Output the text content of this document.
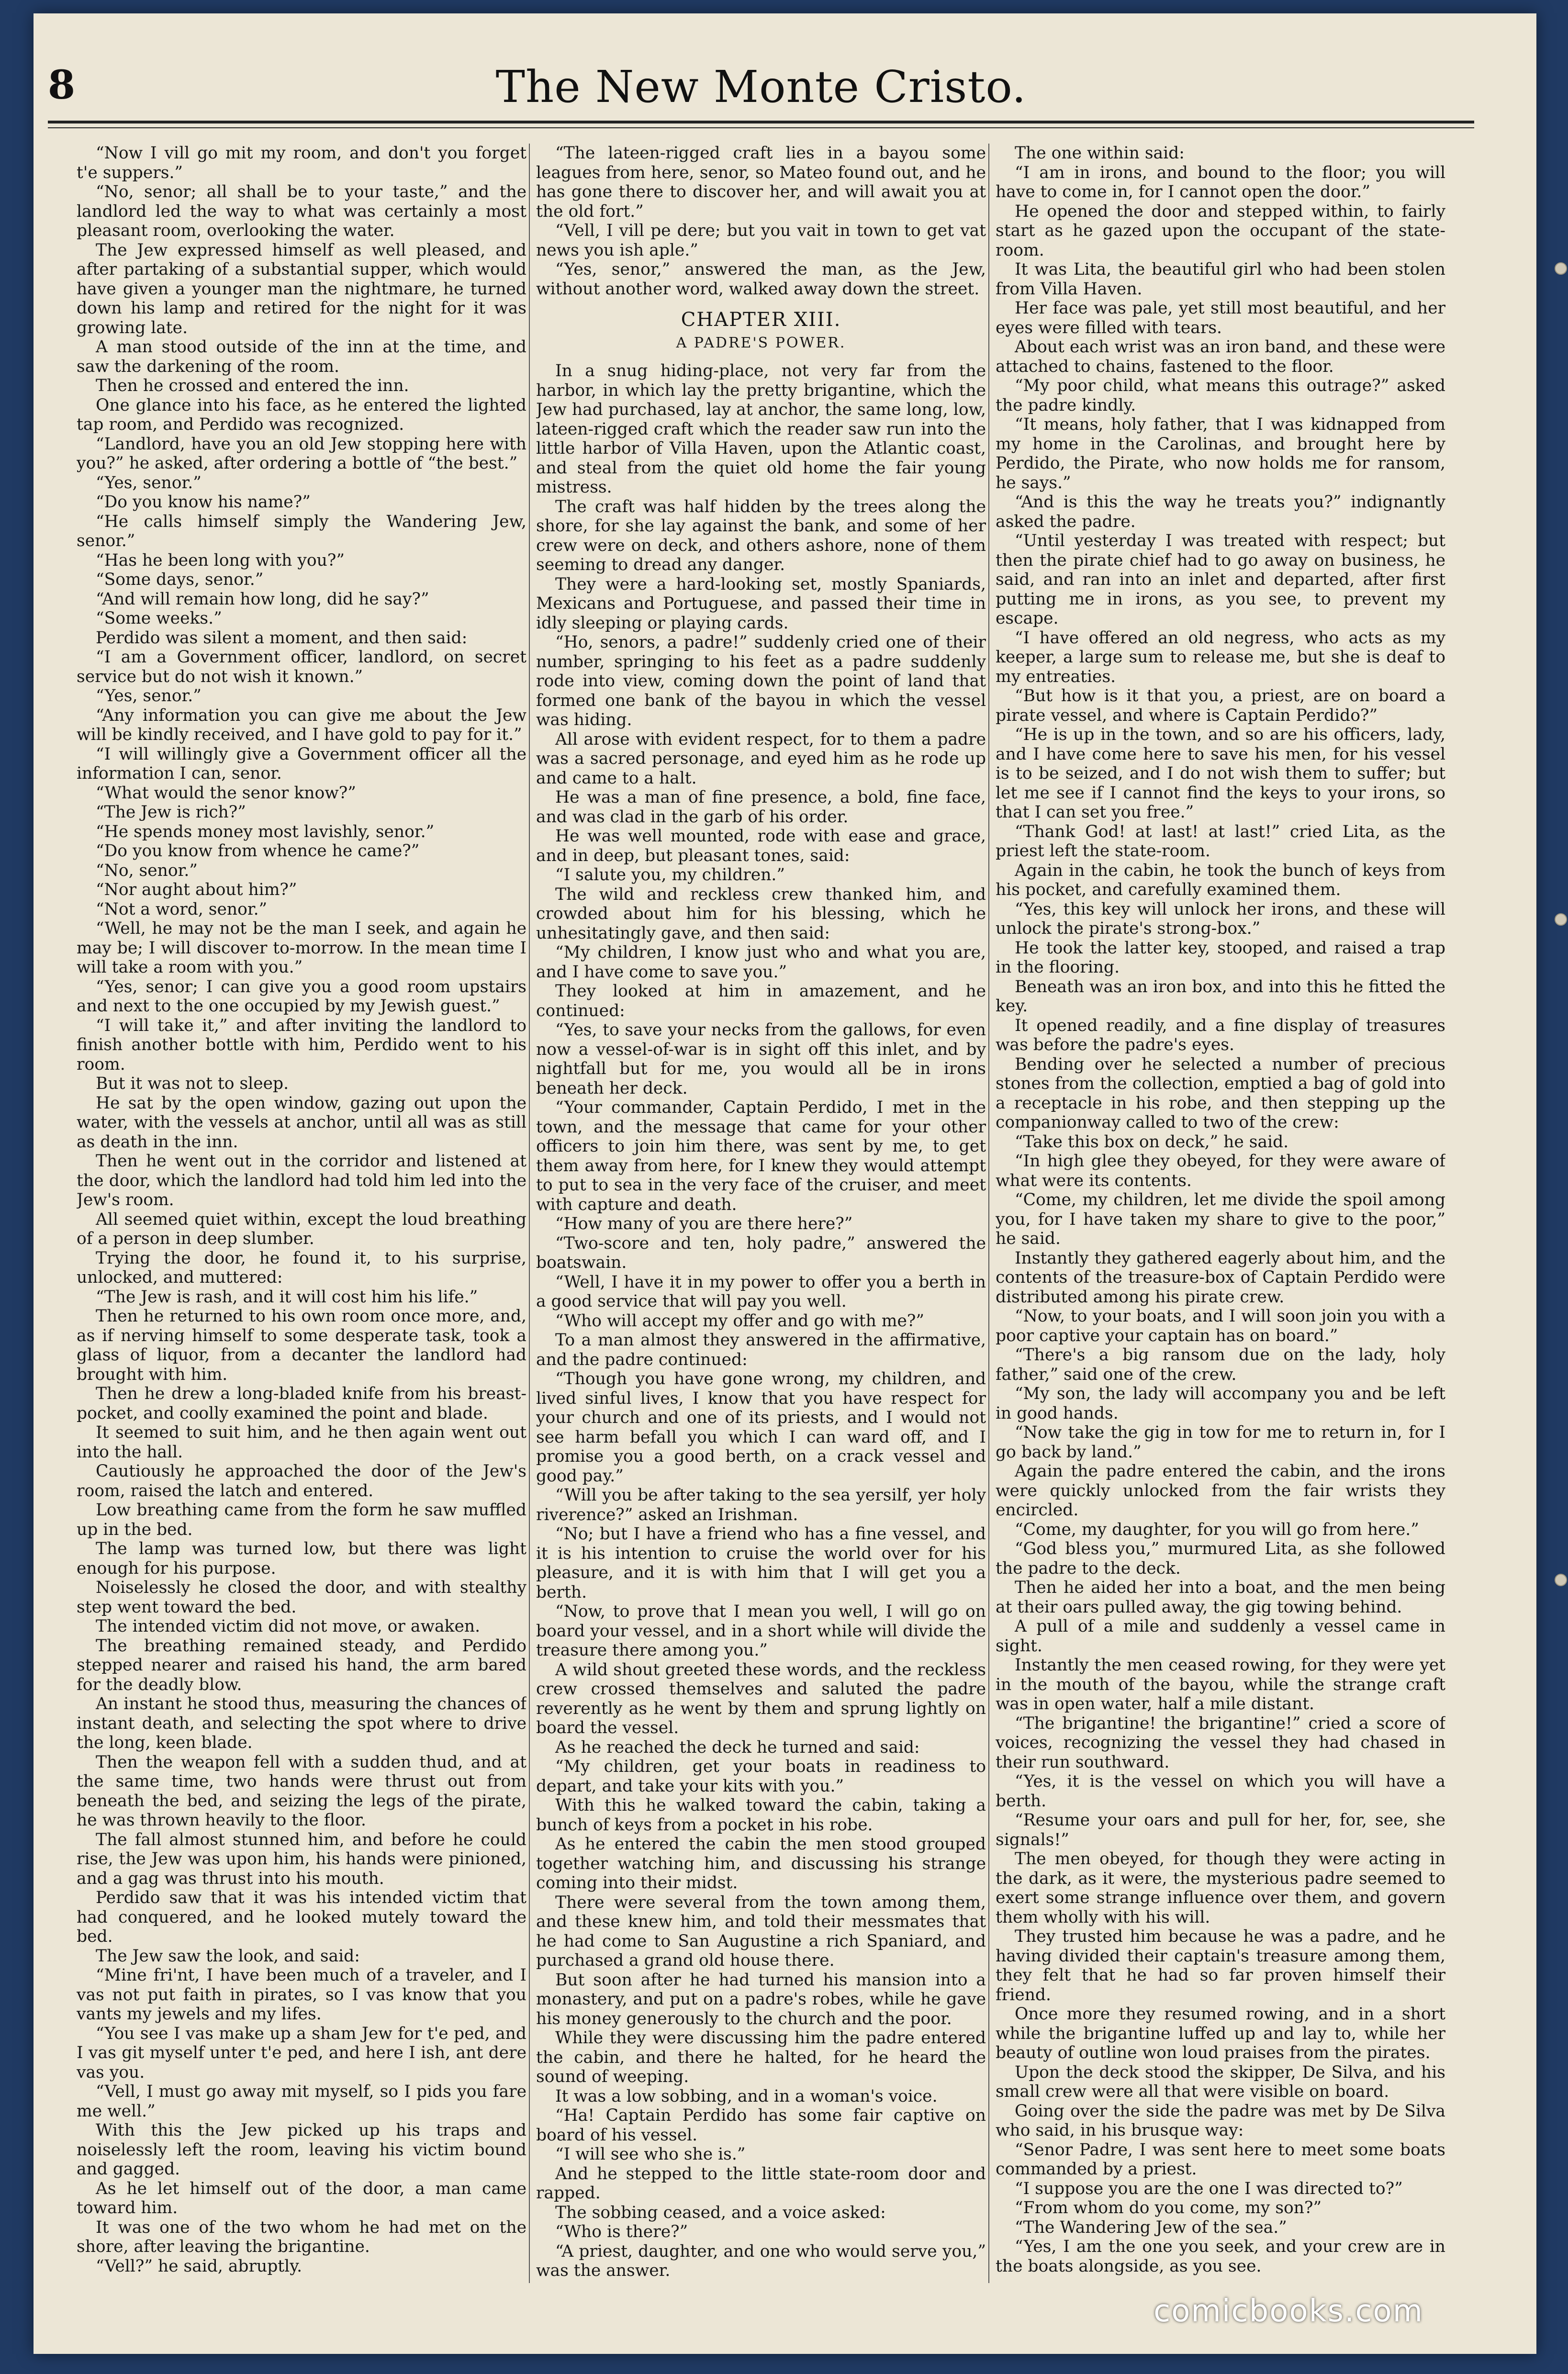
8	The New Monte Cristo.

“Now I vill go mit my room, and don't you forget t'e suppers.”

“No, senor; all shall be to your taste,” and the landlord led the way to what was certainly a most pleasant room, overlooking the water.

The Jew expressed himself as well pleased, and after partaking of a substantial supper, which would have given a younger man the nightmare, he turned down his lamp and retired for the night for it was growing late.

A man stood outside of the inn at the time, and saw the darkening of the room.

Then he crossed and entered the inn.

One glance into his face, as he entered the lighted tap room, and Perdido was recognized.

“Landlord, have you an old Jew stopping here with you?” he asked, after ordering a bottle of “the best.”

“Yes, senor.”

“Do you know his name?”

“He calls himself simply the Wandering Jew, senor.”

“Has he been long with you?”

“Some days, senor.”

“And will remain how long, did he say?”

“Some weeks.”

Perdido was silent a moment, and then said:

“I am a Government officer, landlord, on secret service but do not wish it known.”

“Yes, senor.”

“Any information you can give me about the Jew will be kindly received, and I have gold to pay for it.”

“I will willingly give a Government officer all the information I can, senor.

“What would the senor know?”

“The Jew is rich?”

“He spends money most lavishly, senor.”

“Do you know from whence he came?”

“No, senor.”

“Nor aught about him?”

“Not a word, senor.”

“Well, he may not be the man I seek, and again he may be; I will discover to-morrow. In the mean time I will take a room with you.”

“Yes, senor; I can give you a good room upstairs and next to the one occupied by my Jewish guest.”

“I will take it,” and after inviting the landlord to finish another bottle with him, Perdido went to his room.

But it was not to sleep.

He sat by the open window, gazing out upon the water, with the vessels at anchor, until all was as still as death in the inn.

Then he went out in the corridor and listened at the door, which the landlord had told him led into the Jew's room.

All seemed quiet within, except the loud breathing of a person in deep slumber.

Trying the door, he found it, to his surprise, unlocked, and muttered:

“The Jew is rash, and it will cost him his life.”

Then he returned to his own room once more, and, as if nerving himself to some desperate task, took a glass of liquor, from a decanter the landlord had brought with him.

Then he drew a long-bladed knife from his breast-pocket, and coolly examined the point and blade.

It seemed to suit him, and he then again went out into the hall.

Cautiously he approached the door of the Jew's room, raised the latch and entered.

Low breathing came from the form he saw muffled up in the bed.

The lamp was turned low, but there was light enough for his purpose.

Noiselessly he closed the door, and with stealthy step went toward the bed.

The intended victim did not move, or awaken.

The breathing remained steady, and Perdido stepped nearer and raised his hand, the arm bared for the deadly blow.

An instant he stood thus, measuring the chances of instant death, and selecting the spot where to drive the long, keen blade.

Then the weapon fell with a sudden thud, and at the same time, two hands were thrust out from beneath the bed, and seizing the legs of the pirate, he was thrown heavily to the floor.

The fall almost stunned him, and before he could rise, the Jew was upon him, his hands were pinioned, and a gag was thrust into his mouth.

Perdido saw that it was his intended victim that had conquered, and he looked mutely toward the bed.

The Jew saw the look, and said:

“Mine fri'nt, I have been much of a traveler, and I vas not put faith in pirates, so I vas know that you vants my jewels and my lifes.

“You see I vas make up a sham Jew for t'e ped, and I vas git myself unter t'e ped, and here I ish, ant dere vas you.

“Vell, I must go away mit myself, so I pids you fare me well.”

With this the Jew picked up his traps and noiselessly left the room, leaving his victim bound and gagged.

As he let himself out of the door, a man came toward him.

It was one of the two whom he had met on the shore, after leaving the brigantine.

“Vell?” he said, abruptly.

“The lateen-rigged craft lies in a bayou some leagues from here, senor, so Mateo found out, and he has gone there to discover her, and will await you at the old fort.”

“Vell, I vill pe dere; but you vait in town to get vat news you ish aple.”

“Yes, senor,” answered the man, as the Jew, without another word, walked away down the street.

CHAPTER XIII.
A PADRE'S POWER.

In a snug hiding-place, not very far from the harbor, in which lay the pretty brigantine, which the Jew had purchased, lay at anchor, the same long, low, lateen-rigged craft which the reader saw run into the little harbor of Villa Haven, upon the Atlantic coast, and steal from the quiet old home the fair young mistress.

The craft was half hidden by the trees along the shore, for she lay against the bank, and some of her crew were on deck, and others ashore, none of them seeming to dread any danger.

They were a hard-looking set, mostly Spaniards, Mexicans and Portuguese, and passed their time in idly sleeping or playing cards.

“Ho, senors, a padre!” suddenly cried one of their number, springing to his feet as a padre suddenly rode into view, coming down the point of land that formed one bank of the bayou in which the vessel was hiding.

All arose with evident respect, for to them a padre was a sacred personage, and eyed him as he rode up and came to a halt.

He was a man of fine presence, a bold, fine face, and was clad in the garb of his order.

He was well mounted, rode with ease and grace, and in deep, but pleasant tones, said:

“I salute you, my children.”

The wild and reckless crew thanked him, and crowded about him for his blessing, which he unhesitatingly gave, and then said:

“My children, I know just who and what you are, and I have come to save you.”

They looked at him in amazement, and he continued:

“Yes, to save your necks from the gallows, for even now a vessel-of-war is in sight off this inlet, and by nightfall but for me, you would all be in irons beneath her deck.

“Your commander, Captain Perdido, I met in the town, and the message that came for your other officers to join him there, was sent by me, to get them away from here, for I knew they would attempt to put to sea in the very face of the cruiser, and meet with capture and death.

“How many of you are there here?”

“Two-score and ten, holy padre,” answered the boatswain.

“Well, I have it in my power to offer you a berth in a good service that will pay you well.

“Who will accept my offer and go with me?”

To a man almost they answered in the affirmative, and the padre continued:

“Though you have gone wrong, my children, and lived sinful lives, I know that you have respect for your church and one of its priests, and I would not see harm befall you which I can ward off, and I promise you a good berth, on a crack vessel and good pay.”

“Will you be after taking to the sea yersilf, yer holy riverence?” asked an Irishman.

“No; but I have a friend who has a fine vessel, and it is his intention to cruise the world over for his pleasure, and it is with him that I will get you a berth.

“Now, to prove that I mean you well, I will go on board your vessel, and in a short while will divide the treasure there among you.”

A wild shout greeted these words, and the reckless crew crossed themselves and saluted the padre reverently as he went by them and sprung lightly on board the vessel.

As he reached the deck he turned and said:

“My children, get your boats in readiness to depart, and take your kits with you.”

With this he walked toward the cabin, taking a bunch of keys from a pocket in his robe.

As he entered the cabin the men stood grouped together watching him, and discussing his strange coming into their midst.

There were several from the town among them, and these knew him, and told their messmates that he had come to San Augustine a rich Spaniard, and purchased a grand old house there.

But soon after he had turned his mansion into a monastery, and put on a padre's robes, while he gave his money generously to the church and the poor.

While they were discussing him the padre entered the cabin, and there he halted, for he heard the sound of weeping.

It was a low sobbing, and in a woman's voice.

“Ha! Captain Perdido has some fair captive on board of his vessel.

“I will see who she is.”

And he stepped to the little state-room door and rapped.

The sobbing ceased, and a voice asked:

“Who is there?”

“A priest, daughter, and one who would serve you,” was the answer.

The one within said:

“I am in irons, and bound to the floor; you will have to come in, for I cannot open the door.”

He opened the door and stepped within, to fairly start as he gazed upon the occupant of the state-room.

It was Lita, the beautiful girl who had been stolen from Villa Haven.

Her face was pale, yet still most beautiful, and her eyes were filled with tears.

About each wrist was an iron band, and these were attached to chains, fastened to the floor.

“My poor child, what means this outrage?” asked the padre kindly.

“It means, holy father, that I was kidnapped from my home in the Carolinas, and brought here by Perdido, the Pirate, who now holds me for ransom, he says.”

“And is this the way he treats you?” indignantly asked the padre.

“Until yesterday I was treated with respect; but then the pirate chief had to go away on business, he said, and ran into an inlet and departed, after first putting me in irons, as you see, to prevent my escape.

“I have offered an old negress, who acts as my keeper, a large sum to release me, but she is deaf to my entreaties.

“But how is it that you, a priest, are on board a pirate vessel, and where is Captain Perdido?”

“He is up in the town, and so are his officers, lady, and I have come here to save his men, for his vessel is to be seized, and I do not wish them to suffer; but let me see if I cannot find the keys to your irons, so that I can set you free.”

“Thank God! at last! at last!” cried Lita, as the priest left the state-room.

Again in the cabin, he took the bunch of keys from his pocket, and carefully examined them.

“Yes, this key will unlock her irons, and these will unlock the pirate's strong-box.”

He took the latter key, stooped, and raised a trap in the flooring.

Beneath was an iron box, and into this he fitted the key.

It opened readily, and a fine display of treasures was before the padre's eyes.

Bending over he selected a number of precious stones from the collection, emptied a bag of gold into a receptacle in his robe, and then stepping up the companionway called to two of the crew:

“Take this box on deck,” he said.

“In high glee they obeyed, for they were aware of what were its contents.

“Come, my children, let me divide the spoil among you, for I have taken my share to give to the poor,” he said.

Instantly they gathered eagerly about him, and the contents of the treasure-box of Captain Perdido were distributed among his pirate crew.

“Now, to your boats, and I will soon join you with a poor captive your captain has on board.”

“There's a big ransom due on the lady, holy father,” said one of the crew.

“My son, the lady will accompany you and be left in good hands.

“Now take the gig in tow for me to return in, for I go back by land.”

Again the padre entered the cabin, and the irons were quickly unlocked from the fair wrists they encircled.

“Come, my daughter, for you will go from here.”

“God bless you,” murmured Lita, as she followed the padre to the deck.

Then he aided her into a boat, and the men being at their oars pulled away, the gig towing behind.

A pull of a mile and suddenly a vessel came in sight.

Instantly the men ceased rowing, for they were yet in the mouth of the bayou, while the strange craft was in open water, half a mile distant.

“The brigantine! the brigantine!” cried a score of voices, recognizing the vessel they had chased in their run southward.

“Yes, it is the vessel on which you will have a berth.

“Resume your oars and pull for her, for, see, she signals!”

The men obeyed, for though they were acting in the dark, as it were, the mysterious padre seemed to exert some strange influence over them, and govern them wholly with his will.

They trusted him because he was a padre, and he having divided their captain's treasure among them, they felt that he had so far proven himself their friend.

Once more they resumed rowing, and in a short while the brigantine luffed up and lay to, while her beauty of outline won loud praises from the pirates.

Upon the deck stood the skipper, De Silva, and his small crew were all that were visible on board.

Going over the side the padre was met by De Silva who said, in his brusque way:

“Senor Padre, I was sent here to meet some boats commanded by a priest.

“I suppose you are the one I was directed to?”

“From whom do you come, my son?”

“The Wandering Jew of the sea.”

“Yes, I am the one you seek, and your crew are in the boats alongside, as you see.

comicbooks.com
